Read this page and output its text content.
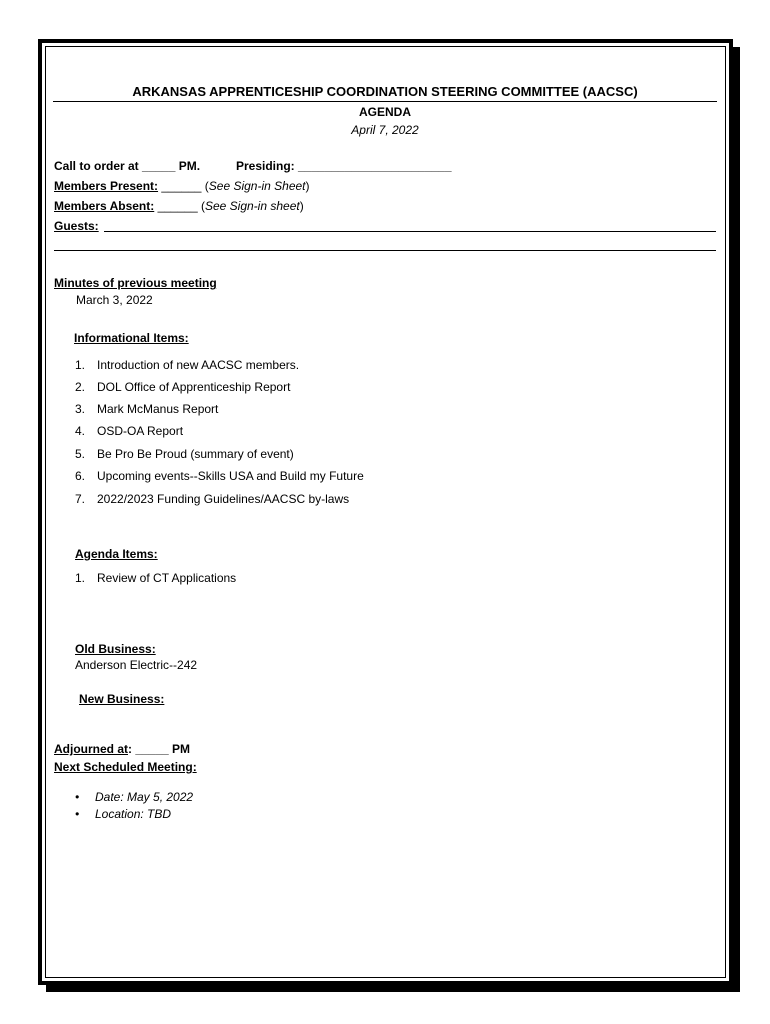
ARKANSAS APPRENTICESHIP COORDINATION STEERING COMMITTEE (AACSC)
AGENDA
April 7, 2022
Call to order at _____ PM.	Presiding: _______________________
Members Present: ______ (See Sign-in Sheet)
Members Absent: ______ (See Sign-in sheet)
Guests:
Minutes of previous meeting
March 3, 2022
Informational Items:
1. Introduction of new AACSC members.
2. DOL Office of Apprenticeship Report
3. Mark McManus Report
4. OSD-OA Report
5. Be Pro Be Proud (summary of event)
6. Upcoming events--Skills USA and Build my Future
7. 2022/2023 Funding Guidelines/AACSC by-laws
Agenda Items:
1. Review of CT Applications
Old Business:
Anderson Electric--242
New Business:
Adjourned at: _____ PM
Next Scheduled Meeting:
• Date: May 5, 2022
• Location: TBD
